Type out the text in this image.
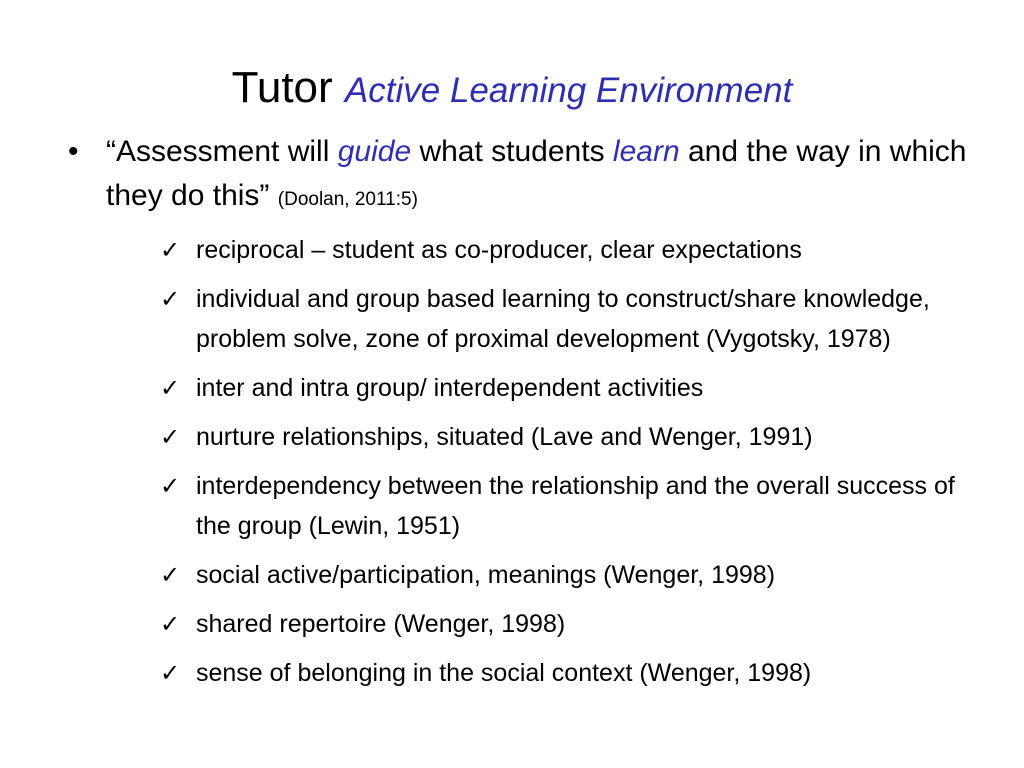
Tutor Active Learning Environment
• “Assessment will guide what students learn and the way in which they do this” (Doolan, 2011:5)
✓ reciprocal – student as co-producer, clear expectations
✓ individual and group based learning to construct/share knowledge, problem solve, zone of proximal development (Vygotsky, 1978)
✓ inter and intra group/ interdependent activities
✓ nurture relationships, situated (Lave and Wenger, 1991)
✓ interdependency between the relationship and the overall success of the group (Lewin, 1951)
✓ social active/participation, meanings (Wenger, 1998)
✓ shared repertoire (Wenger, 1998)
✓ sense of belonging in the social context (Wenger, 1998)
